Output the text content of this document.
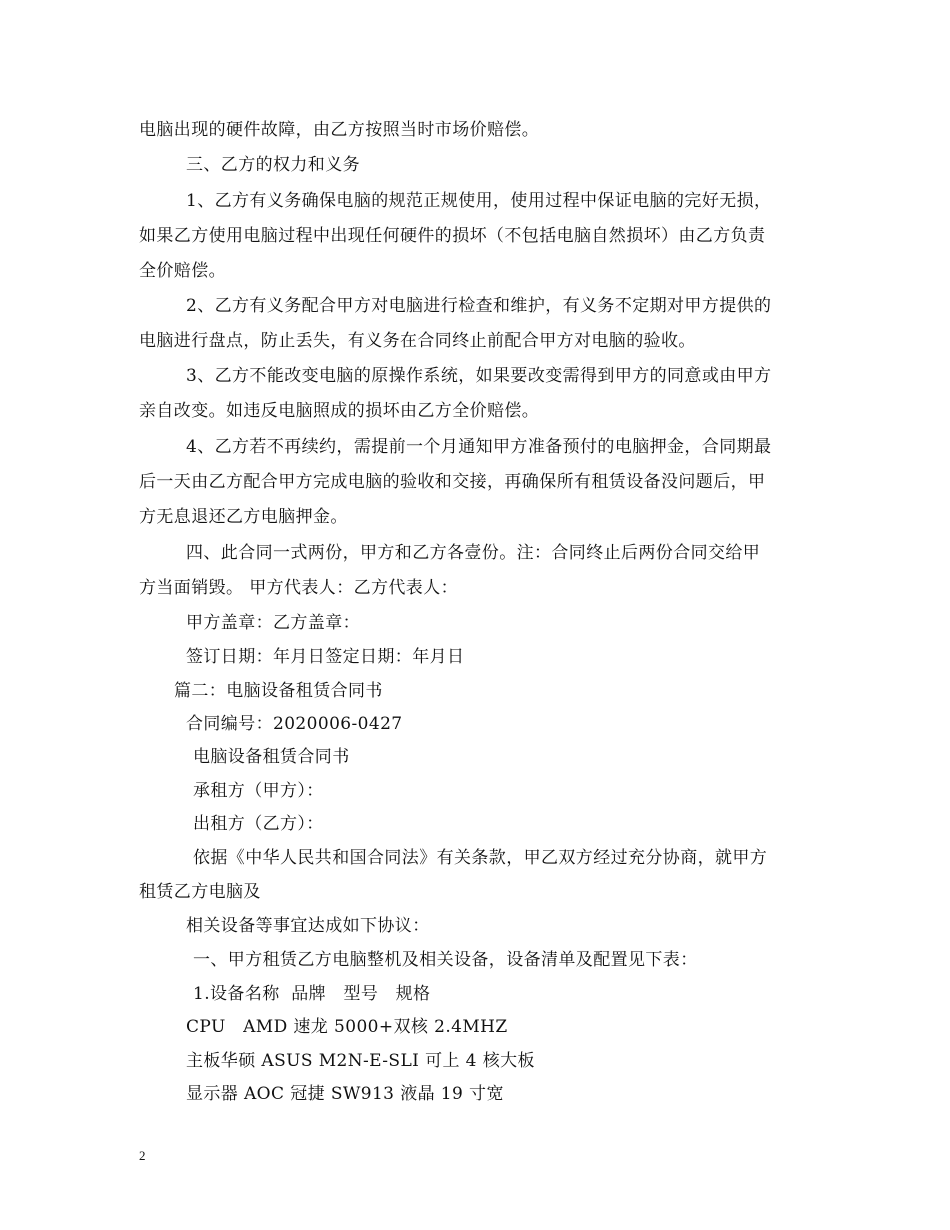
电脑出现的硬件故障，由乙方按照当时市场价赔偿。
三、乙方的权力和义务
1、乙方有义务确保电脑的规范正规使用，使用过程中保证电脑的完好无损，
如果乙方使用电脑过程中出现任何硬件的损坏（不包括电脑自然损坏）由乙方负责
全价赔偿。
2、乙方有义务配合甲方对电脑进行检查和维护，有义务不定期对甲方提供的
电脑进行盘点，防止丢失，有义务在合同终止前配合甲方对电脑的验收。
3、乙方不能改变电脑的原操作系统，如果要改变需得到甲方的同意或由甲方
亲自改变。如违反电脑照成的损坏由乙方全价赔偿。
4、乙方若不再续约，需提前一个月通知甲方准备预付的电脑押金，合同期最
后一天由乙方配合甲方完成电脑的验收和交接，再确保所有租赁设备没问题后，甲
方无息退还乙方电脑押金。
四、此合同一式两份，甲方和乙方各壹份。注：合同终止后两份合同交给甲
方当面销毁。 甲方代表人：乙方代表人：
甲方盖章：乙方盖章：
签订日期：年月日签定日期：年月日
篇二：电脑设备租赁合同书
合同编号：2020006-0427
电脑设备租赁合同书
承租方（甲方）：
出租方（乙方）：
依据《中华人民共和国合同法》有关条款，甲乙双方经过充分协商，就甲方
租赁乙方电脑及
相关设备等事宜达成如下协议：
一、甲方租赁乙方电脑整机及相关设备，设备清单及配置见下表：
1.设备名称  品牌   型号   规格
CPU   AMD 速龙 5000+双核 2.4MHZ
主板华硕 ASUS M2N-E-SLI 可上 4 核大板
显示器 AOC 冠捷 SW913 液晶 19 寸宽
2
